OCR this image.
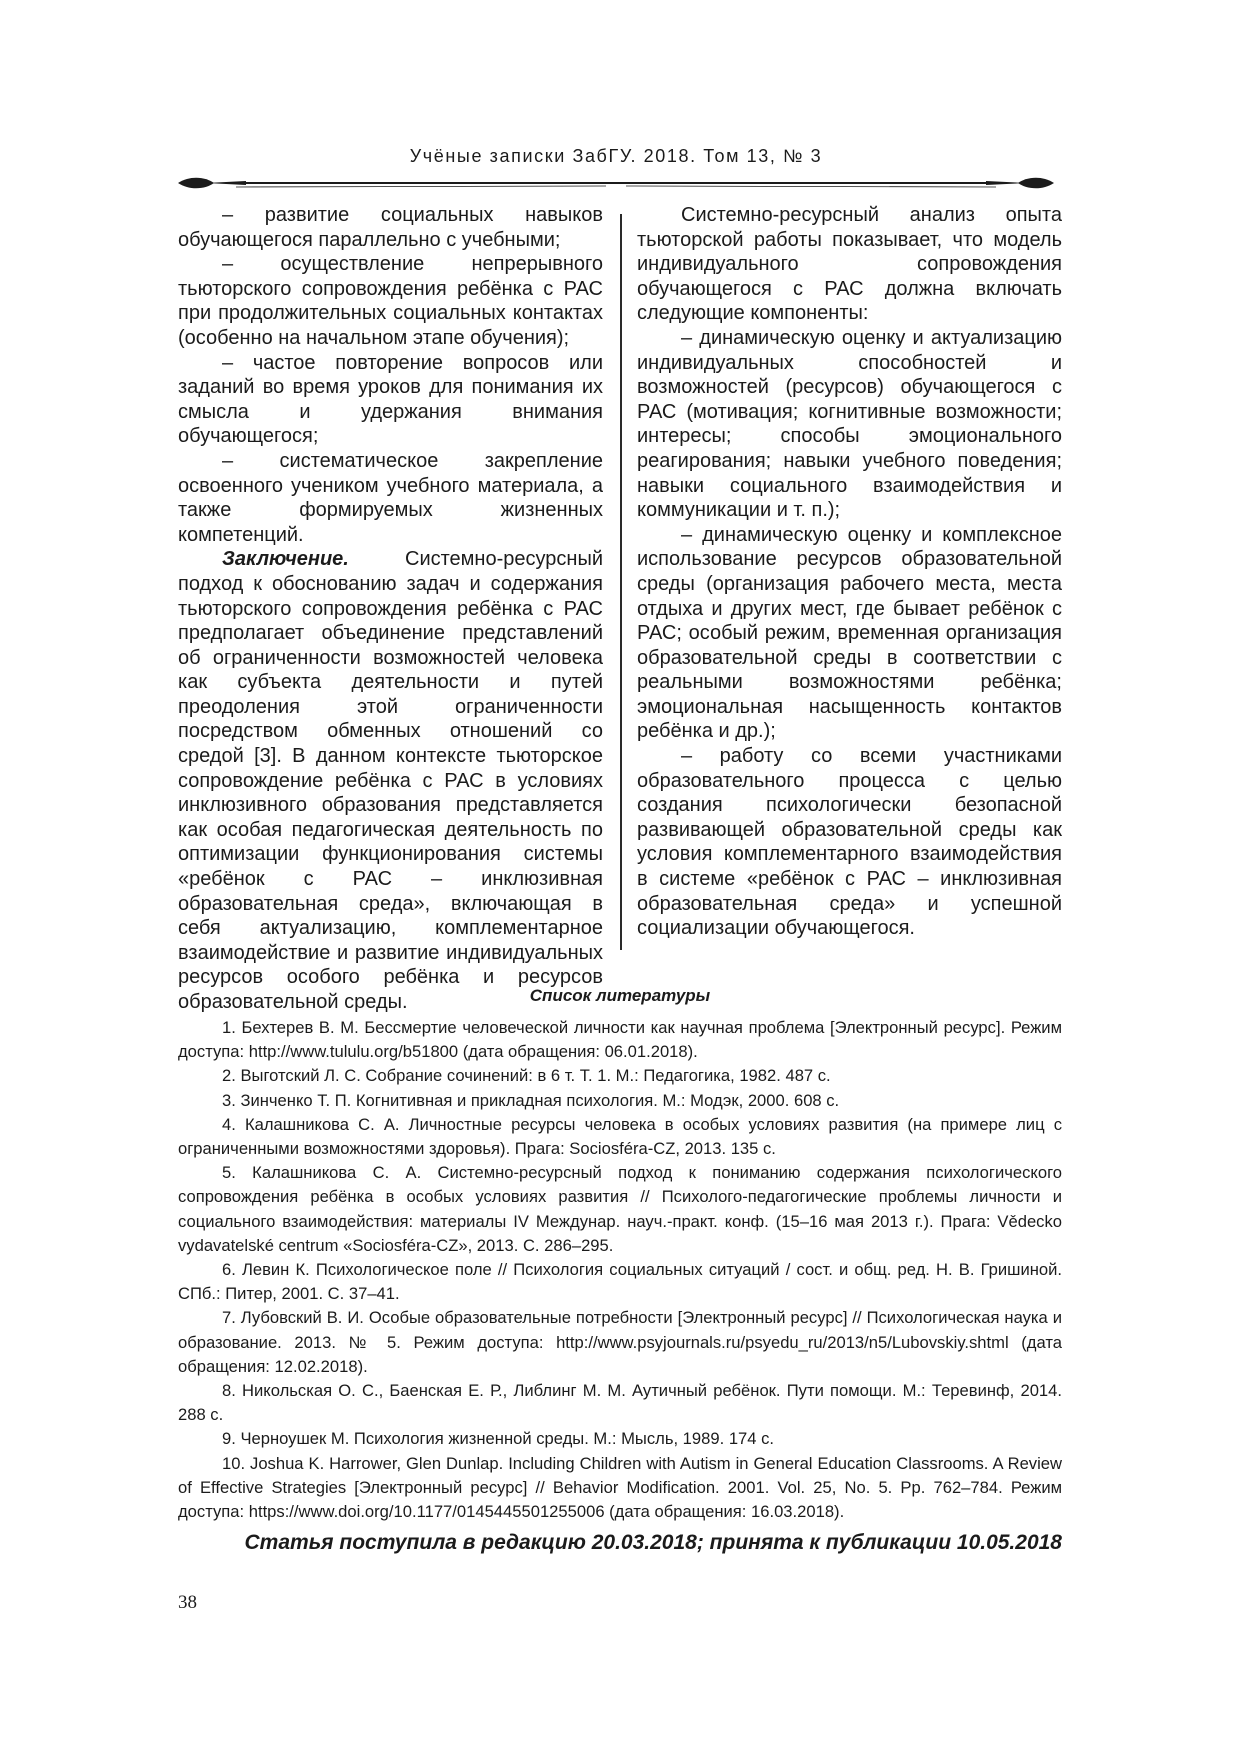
Учёные записки ЗабГУ. 2018. Том 13, № 3

– развитие социальных навыков обучающегося параллельно с учебными;

– осуществление непрерывного тьюторского сопровождения ребёнка с РАС при продолжительных социальных контактах (особенно на начальном этапе обучения);

– частое повторение вопросов или заданий во время уроков для понимания их смысла и удержания внимания обучающегося;

– систематическое закрепление освоенного учеником учебного материала, а также формируемых жизненных компетенций.

Заключение. Системно-ресурсный подход к обоснованию задач и содержания тьюторского сопровождения ребёнка с РАС предполагает объединение представлений об ограниченности возможностей человека как субъекта деятельности и путей преодоления этой ограниченности посредством обменных отношений со средой [3]. В данном контексте тьюторское сопровождение ребёнка с РАС в условиях инклюзивного образования представляется как особая педагогическая деятельность по оптимизации функционирования системы «ребёнок с РАС – инклюзивная образовательная среда», включающая в себя актуализацию, комплементарное взаимодействие и развитие индивидуальных ресурсов особого ребёнка и ресурсов образовательной среды.

Системно-ресурсный анализ опыта тьюторской работы показывает, что модель индивидуального сопровождения обучающегося с РАС должна включать следующие компоненты:

– динамическую оценку и актуализацию индивидуальных способностей и возможностей (ресурсов) обучающегося с РАС (мотивация; когнитивные возможности; интересы; способы эмоционального реагирования; навыки учебного поведения; навыки социального взаимодействия и коммуникации и т. п.);

– динамическую оценку и комплексное использование ресурсов образовательной среды (организация рабочего места, места отдыха и других мест, где бывает ребёнок с РАС; особый режим, временная организация образовательной среды в соответствии с реальными возможностями ребёнка; эмоциональная насыщенность контактов ребёнка и др.);

– работу со всеми участниками образовательного процесса с целью создания психологически безопасной развивающей образовательной среды как условия комплементарного взаимодействия в системе «ребёнок с РАС – инклюзивная образовательная среда» и успешной социализации обучающегося.

Список литературы

1. Бехтерев В. М. Бессмертие человеческой личности как научная проблема [Электронный ресурс]. Режим доступа: http://www.tululu.org/b51800 (дата обращения: 06.01.2018).

2. Выготский Л. С. Собрание сочинений: в 6 т. Т. 1. М.: Педагогика, 1982. 487 с.

3. Зинченко Т. П. Когнитивная и прикладная психология. М.: Модэк, 2000. 608 с.

4. Калашникова С. А. Личностные ресурсы человека в особых условиях развития (на примере лиц с ограниченными возможностями здоровья). Прага: Sociosféra-CZ, 2013. 135 с.

5. Калашникова С. А. Системно-ресурсный подход к пониманию содержания психологического сопровождения ребёнка в особых условиях развития // Психолого-педагогические проблемы личности и социального взаимодействия: материалы IV Междунар. науч.-практ. конф. (15–16 мая 2013 г.). Прага: Vědecko vydavatelské centrum «Sociosféra-CZ», 2013. С. 286–295.

6. Левин К. Психологическое поле // Психология социальных ситуаций / сост. и общ. ред. Н. В. Гришиной. СПб.: Питер, 2001. С. 37–41.

7. Лубовский В. И. Особые образовательные потребности [Электронный ресурс] // Психологическая наука и образование. 2013. № 5. Режим доступа: http://www.psyjournals.ru/psyedu_ru/2013/n5/Lubovskiy.shtml (дата обращения: 12.02.2018).

8. Никольская О. С., Баенская Е. Р., Либлинг М. М. Аутичный ребёнок. Пути помощи. М.: Теревинф, 2014. 288 с.

9. Черноушек М. Психология жизненной среды. М.: Мысль, 1989. 174 с.

10. Joshua K. Harrower, Glen Dunlap. Including Children with Autism in General Education Classrooms. A Review of Effective Strategies [Электронный ресурс] // Behavior Modification. 2001. Vol. 25, No. 5. Pp. 762–784. Режим доступа: https://www.doi.org/10.1177/0145445501255006 (дата обращения: 16.03.2018).

Статья поступила в редакцию 20.03.2018; принята к публикации 10.05.2018
38
